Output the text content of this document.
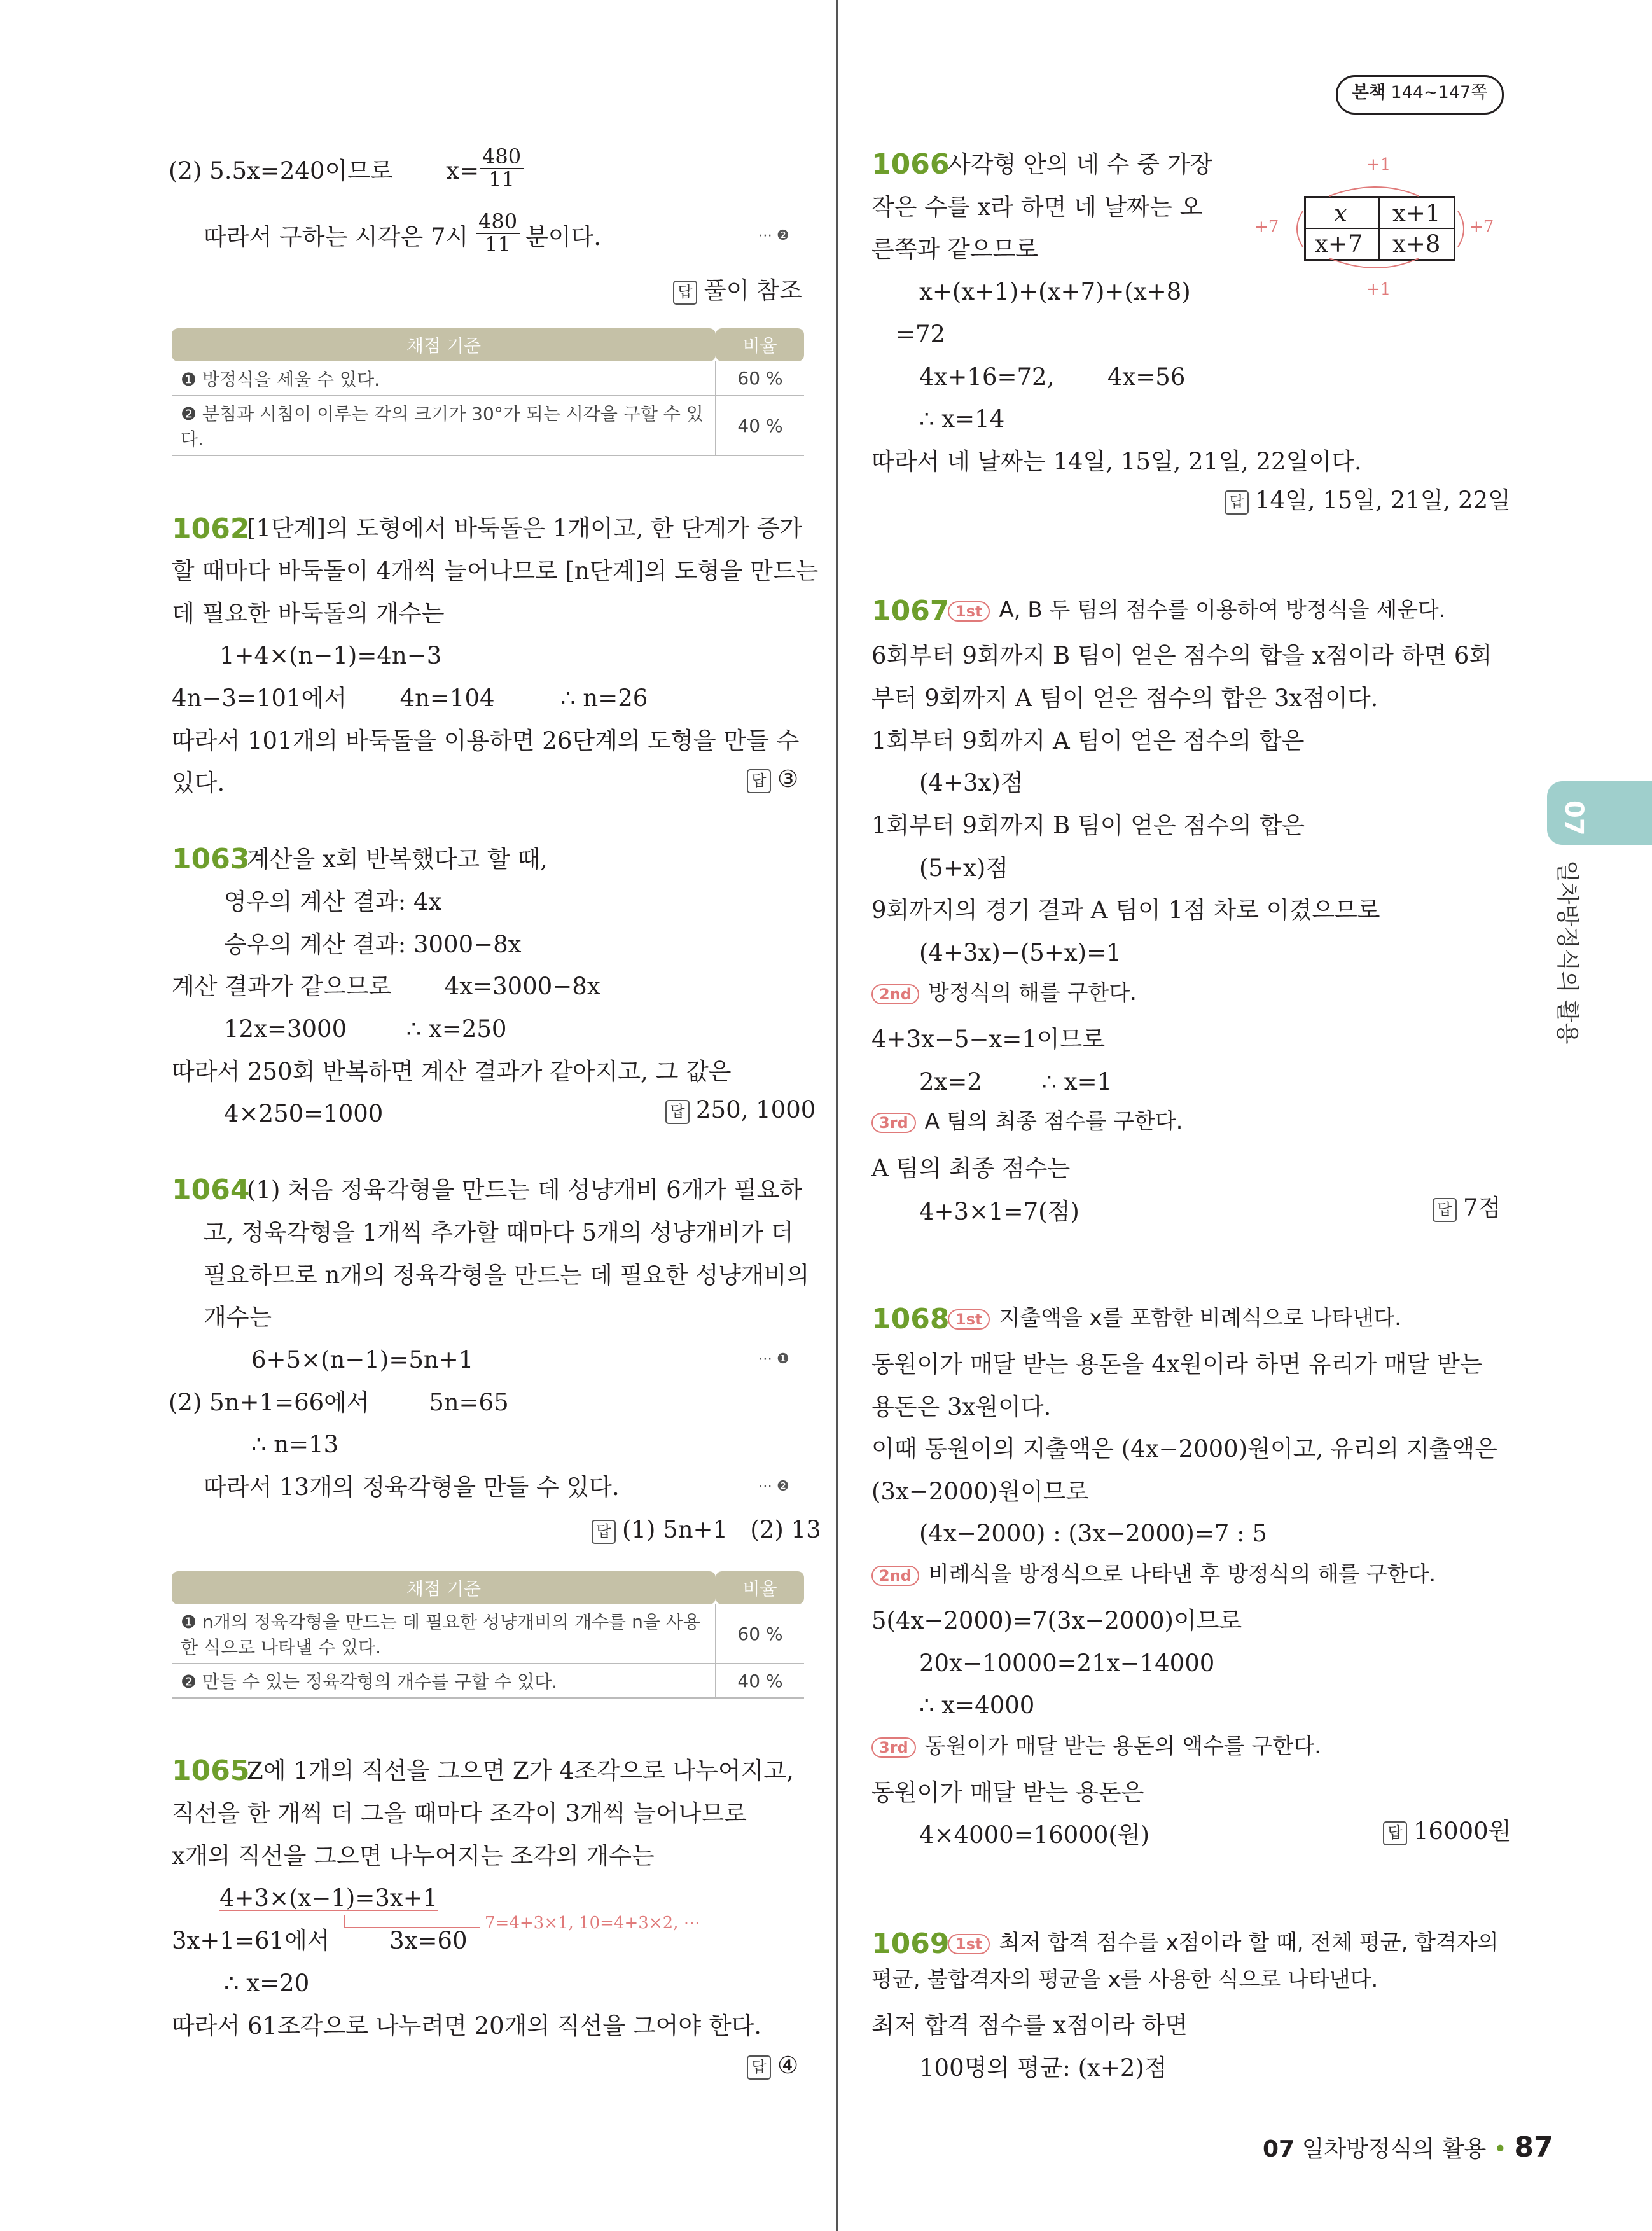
본책 144~147쪽
07
일차방정식의 활용
(2) 5.5x=240이므로 $x= \frac{480}{11}$
따라서 구하는 시각은 7시 $\frac{480}{11}$ 분이다.	⋯ ❷
답 풀이 참조
채점 기준	비율
❶ 방정식을 세울 수 있다.	60 %
❷ 분침과 시침이 이루는 각의 크기가 30°가 되는 시각을 구할 수 있다.	40 %
1062
[1단계]의 도형에서 바둑돌은 1개이고, 한 단계가 증가
할 때마다 바둑돌이 4개씩 늘어나므로 [n단계]의 도형을 만드는
데 필요한 바둑돌의 개수는
1+4×(n−1)=4n−3
4n−3=101에서 4n=104	∴ n=26
따라서 101개의 바둑돌을 이용하면 26단계의 도형을 만들 수
있다.	답 ③
1063
계산을 x회 반복했다고 할 때,
영우의 계산 결과: 4x
승우의 계산 결과: 3000−8x
계산 결과가 같으므로 4x=3000−8x
12x=3000	∴ x=250
따라서 250회 반복하면 계산 결과가 같아지고, 그 값은
4×250=1000	답 250, 1000
1064
(1) 처음 정육각형을 만드는 데 성냥개비 6개가 필요하
고, 정육각형을 1개씩 추가할 때마다 5개의 성냥개비가 더
필요하므로 n개의 정육각형을 만드는 데 필요한 성냥개비의
개수는
6+5×(n−1)=5n+1	⋯ ❶
(2) 5n+1=66에서	5n=65
∴ n=13
따라서 13개의 정육각형을 만들 수 있다.	⋯ ❷
답 (1) 5n+1   (2) 13
채점 기준	비율
❶ n개의 정육각형을 만드는 데 필요한 성냥개비의 개수를 n을 사용한 식으로 나타낼 수 있다.	60 %
❷ 만들 수 있는 정육각형의 개수를 구할 수 있다.	40 %
1065
Z에 1개의 직선을 그으면 Z가 4조각으로 나누어지고,
직선을 한 개씩 더 그을 때마다 조각이 3개씩 늘어나므로
x개의 직선을 그으면 나누어지는 조각의 개수는
4+3×(x−1)=3x+1
7=4+3×1, 10=4+3×2, ⋯
3x+1=61에서	3x=60
∴ x=20
따라서 61조각으로 나누려면 20개의 직선을 그어야 한다.
답 ④
1066
사각형 안의 네 수 중 가장
작은 수를 x라 하면 네 날짜는 오
른쪽과 같으므로
x+(x+1)+(x+7)+(x+8)
=72
4x+16=72, 4x=56
∴ x=14
따라서 네 날짜는 14일, 15일, 21일, 22일이다.
답 14일, 15일, 21일, 22일
x x+1
x+7 x+8
+1
+1
+7	+7
1067 1st A, B 두 팀의 점수를 이용하여 방정식을 세운다.
6회부터 9회까지 B 팀이 얻은 점수의 합을 x점이라 하면 6회
부터 9회까지 A 팀이 얻은 점수의 합은 3x점이다.
1회부터 9회까지 A 팀이 얻은 점수의 합은
(4+3x)점
1회부터 9회까지 B 팀이 얻은 점수의 합은
(5+x)점
9회까지의 경기 결과 A 팀이 1점 차로 이겼으므로
(4+3x)−(5+x)=1
2nd 방정식의 해를 구한다.
4+3x−5−x=1이므로
2x=2	∴ x=1
3rd A 팀의 최종 점수를 구한다.
A 팀의 최종 점수는
4+3×1=7(점)	답 7점
1068 1st 지출액을 x를 포함한 비례식으로 나타낸다.
동원이가 매달 받는 용돈을 4x원이라 하면 유리가 매달 받는
용돈은 3x원이다.
이때 동원이의 지출액은 (4x−2000)원이고, 유리의 지출액은
(3x−2000)원이므로
(4x−2000) : (3x−2000)=7 : 5
2nd 비례식을 방정식으로 나타낸 후 방정식의 해를 구한다.
5(4x−2000)=7(3x−2000)이므로
20x−10000=21x−14000
∴ x=4000
3rd 동원이가 매달 받는 용돈의 액수를 구한다.
동원이가 매달 받는 용돈은
4×4000=16000(원)	답 16000원
1069 1st 최저 합격 점수를 x점이라 할 때, 전체 평균, 합격자의
평균, 불합격자의 평균을 x를 사용한 식으로 나타낸다.
최저 합격 점수를 x점이라 하면
100명의 평균: (x+2)점
07 일차방정식의 활용 • 87
